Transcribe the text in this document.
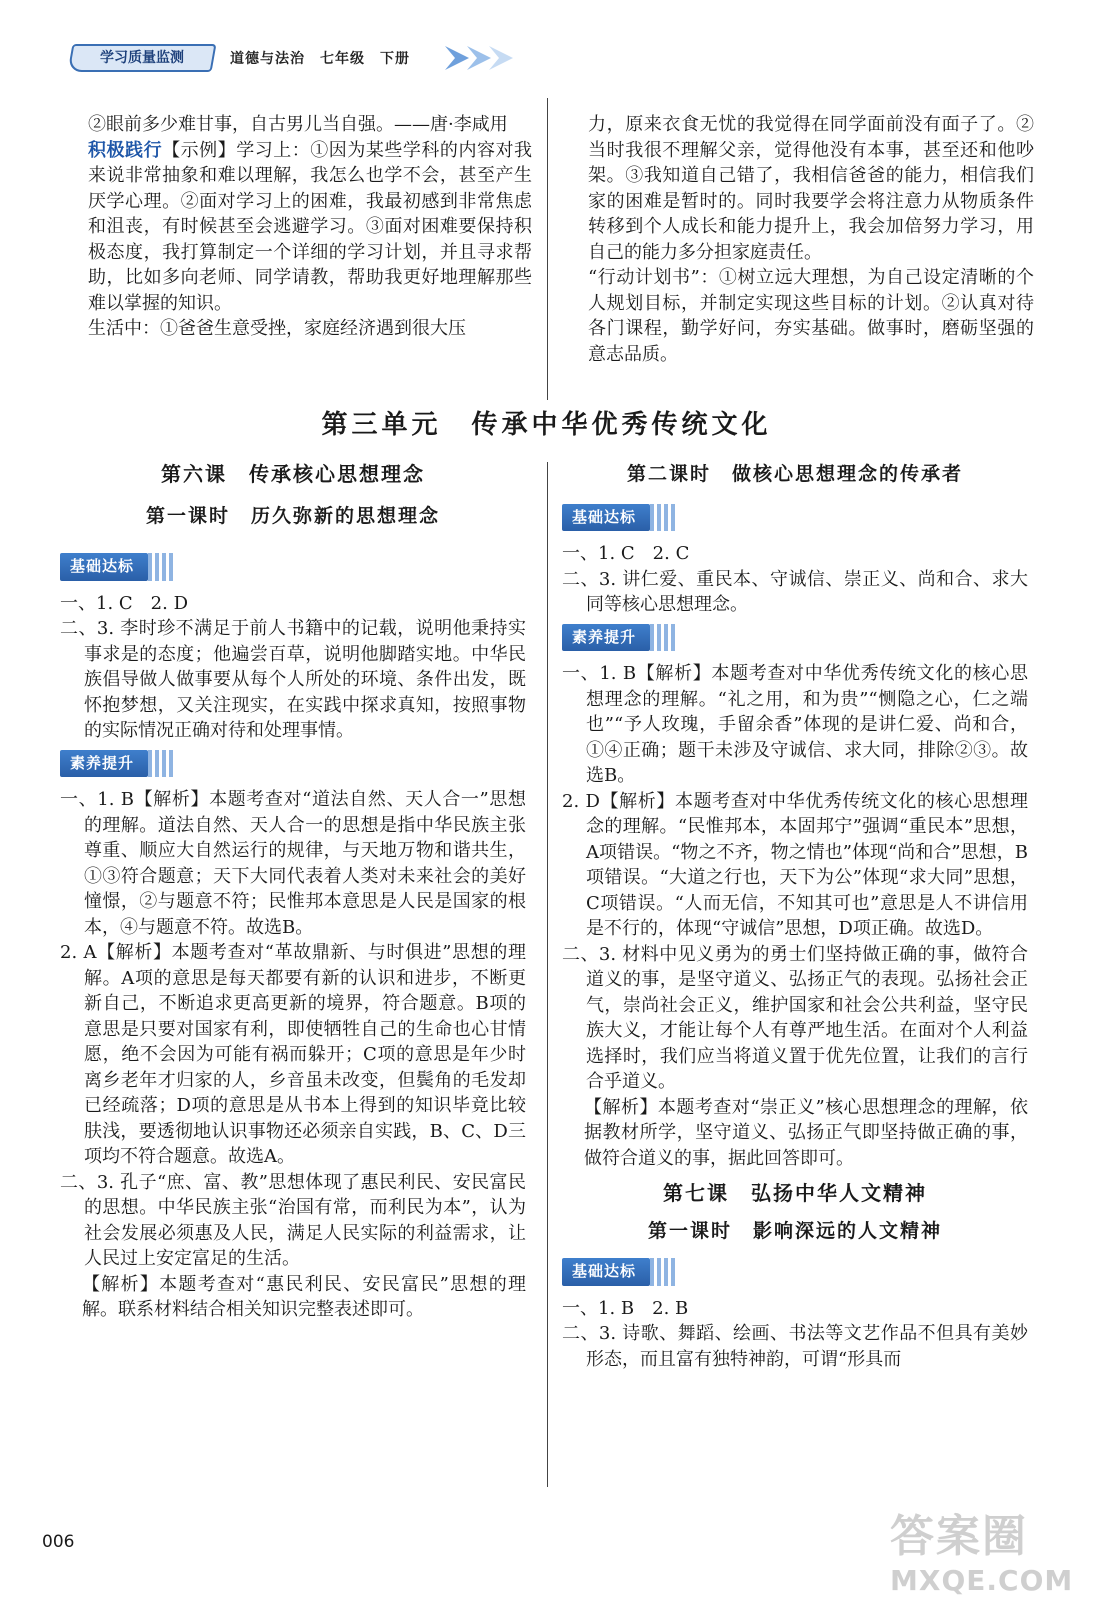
学习质量监测	道德与法治　七年级　下册

②眼前多少难甘事，自古男儿当自强。——唐·李咸用

积极践行【示例】学习上：①因为某些学科的内容对我来说非常抽象和难以理解，我怎么也学不会，甚至产生厌学心理。②面对学习上的困难，我最初感到非常焦虑和沮丧，有时候甚至会逃避学习。③面对困难要保持积极态度，我打算制定一个详细的学习计划，并且寻求帮助，比如多向老师、同学请教，帮助我更好地理解那些难以掌握的知识。

生活中：①爸爸生意受挫，家庭经济遇到很大压

力，原来衣食无忧的我觉得在同学面前没有面子了。②当时我很不理解父亲，觉得他没有本事，甚至还和他吵架。③我知道自己错了，我相信爸爸的能力，相信我们家的困难是暂时的。同时我要学会将注意力从物质条件转移到个人成长和能力提升上，我会加倍努力学习，用自己的能力多分担家庭责任。

“行动计划书”：①树立远大理想，为自己设定清晰的个人规划目标，并制定实现这些目标的计划。②认真对待各门课程，勤学好问，夯实基础。做事时，磨砺坚强的意志品质。

第三单元　传承中华优秀传统文化

第六课　传承核心思想理念

第一课时　历久弥新的思想理念

基础达标

一、1. C　2. D

二、3. 李时珍不满足于前人书籍中的记载，说明他秉持实事求是的态度；他遍尝百草，说明他脚踏实地。中华民族倡导做人做事要从每个人所处的环境、条件出发，既怀抱梦想，又关注现实，在实践中探求真知，按照事物的实际情况正确对待和处理事情。

素养提升

一、1. B【解析】本题考查对“道法自然、天人合一”思想的理解。道法自然、天人合一的思想是指中华民族主张尊重、顺应大自然运行的规律，与天地万物和谐共生，①③符合题意；天下大同代表着人类对未来社会的美好憧憬，②与题意不符；民惟邦本意思是人民是国家的根本，④与题意不符。故选B。

2. A【解析】本题考查对“革故鼎新、与时俱进”思想的理解。A项的意思是每天都要有新的认识和进步，不断更新自己，不断追求更高更新的境界，符合题意。B项的意思是只要对国家有利，即使牺牲自己的生命也心甘情愿，绝不会因为可能有祸而躲开；C项的意思是年少时离乡老年才归家的人，乡音虽未改变，但鬓角的毛发却已经疏落；D项的意思是从书本上得到的知识毕竟比较肤浅，要透彻地认识事物还必须亲自实践，B、C、D三项均不符合题意。故选A。

二、3. 孔子“庶、富、教”思想体现了惠民利民、安民富民的思想。中华民族主张“治国有常，而利民为本”，认为社会发展必须惠及人民，满足人民实际的利益需求，让人民过上安定富足的生活。

【解析】本题考查对“惠民利民、安民富民”思想的理解。联系材料结合相关知识完整表述即可。

第二课时　做核心思想理念的传承者

基础达标

一、1. C　2. C

二、3. 讲仁爱、重民本、守诚信、崇正义、尚和合、求大同等核心思想理念。

素养提升

一、1. B【解析】本题考查对中华优秀传统文化的核心思想理念的理解。“礼之用，和为贵”“恻隐之心，仁之端也”“予人玫瑰，手留余香”体现的是讲仁爱、尚和合，①④正确；题干未涉及守诚信、求大同，排除②③。故选B。

2. D【解析】本题考查对中华优秀传统文化的核心思想理念的理解。“民惟邦本，本固邦宁”强调“重民本”思想，A项错误。“物之不齐，物之情也”体现“尚和合”思想，B项错误。“大道之行也，天下为公”体现“求大同”思想，C项错误。“人而无信，不知其可也”意思是人不讲信用是不行的，体现“守诚信”思想，D项正确。故选D。

二、3. 材料中见义勇为的勇士们坚持做正确的事，做符合道义的事，是坚守道义、弘扬正气的表现。弘扬社会正气，崇尚社会正义，维护国家和社会公共利益，坚守民族大义，才能让每个人有尊严地生活。在面对个人利益选择时，我们应当将道义置于优先位置，让我们的言行合乎道义。

【解析】本题考查对“崇正义”核心思想理念的理解，依据教材所学，坚守道义、弘扬正气即坚持做正确的事，做符合道义的事，据此回答即可。

第七课　弘扬中华人文精神

第一课时　影响深远的人文精神

基础达标

一、1. B　2. B

二、3. 诗歌、舞蹈、绘画、书法等文艺作品不但具有美妙形态，而且富有独特神韵，可谓“形具而

006	答案圈
MXQE.COM
